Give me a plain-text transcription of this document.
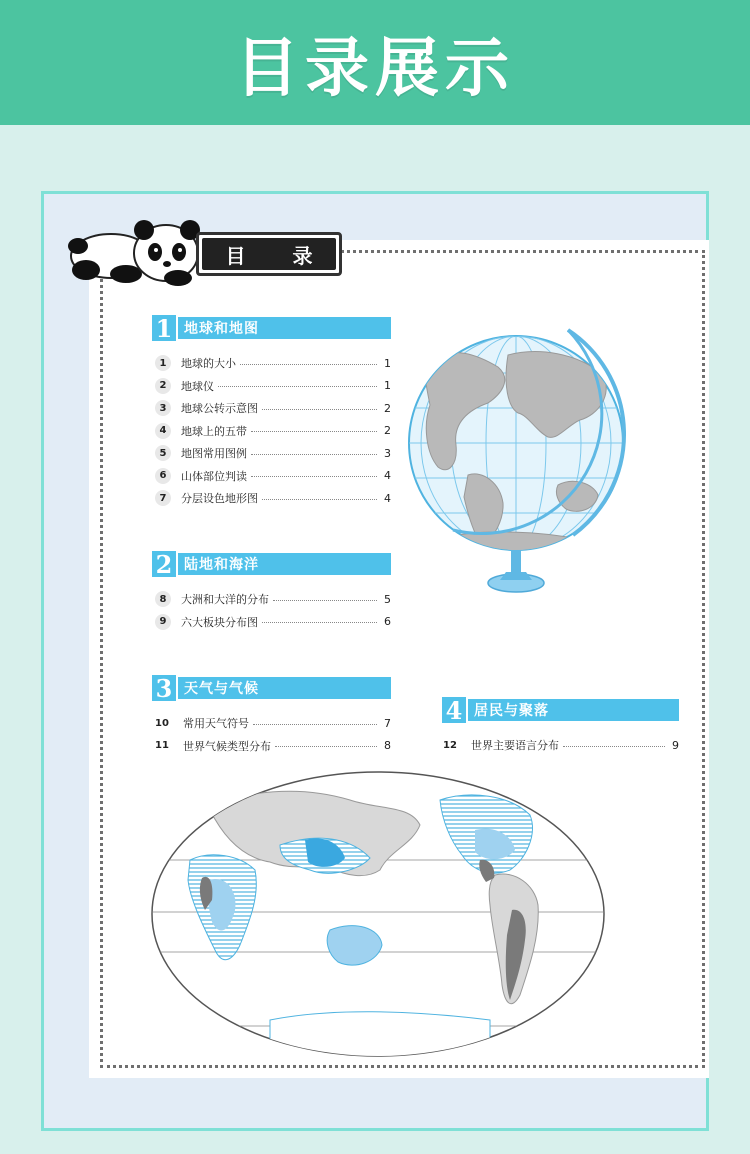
目录展示
目 录
1 地球和地图
1	地球的大小	1
2	地球仪	1
3	地球公转示意图	2
4	地球上的五带	2
5	地图常用图例	3
6	山体部位判读	4
7	分层设色地形图	4
2 陆地和海洋
8	大洲和大洋的分布	5
9	六大板块分布图	6
3 天气与气候
10	常用天气符号	7
11	世界气候类型分布	8
4 居民与聚落
12	世界主要语言分布	9
